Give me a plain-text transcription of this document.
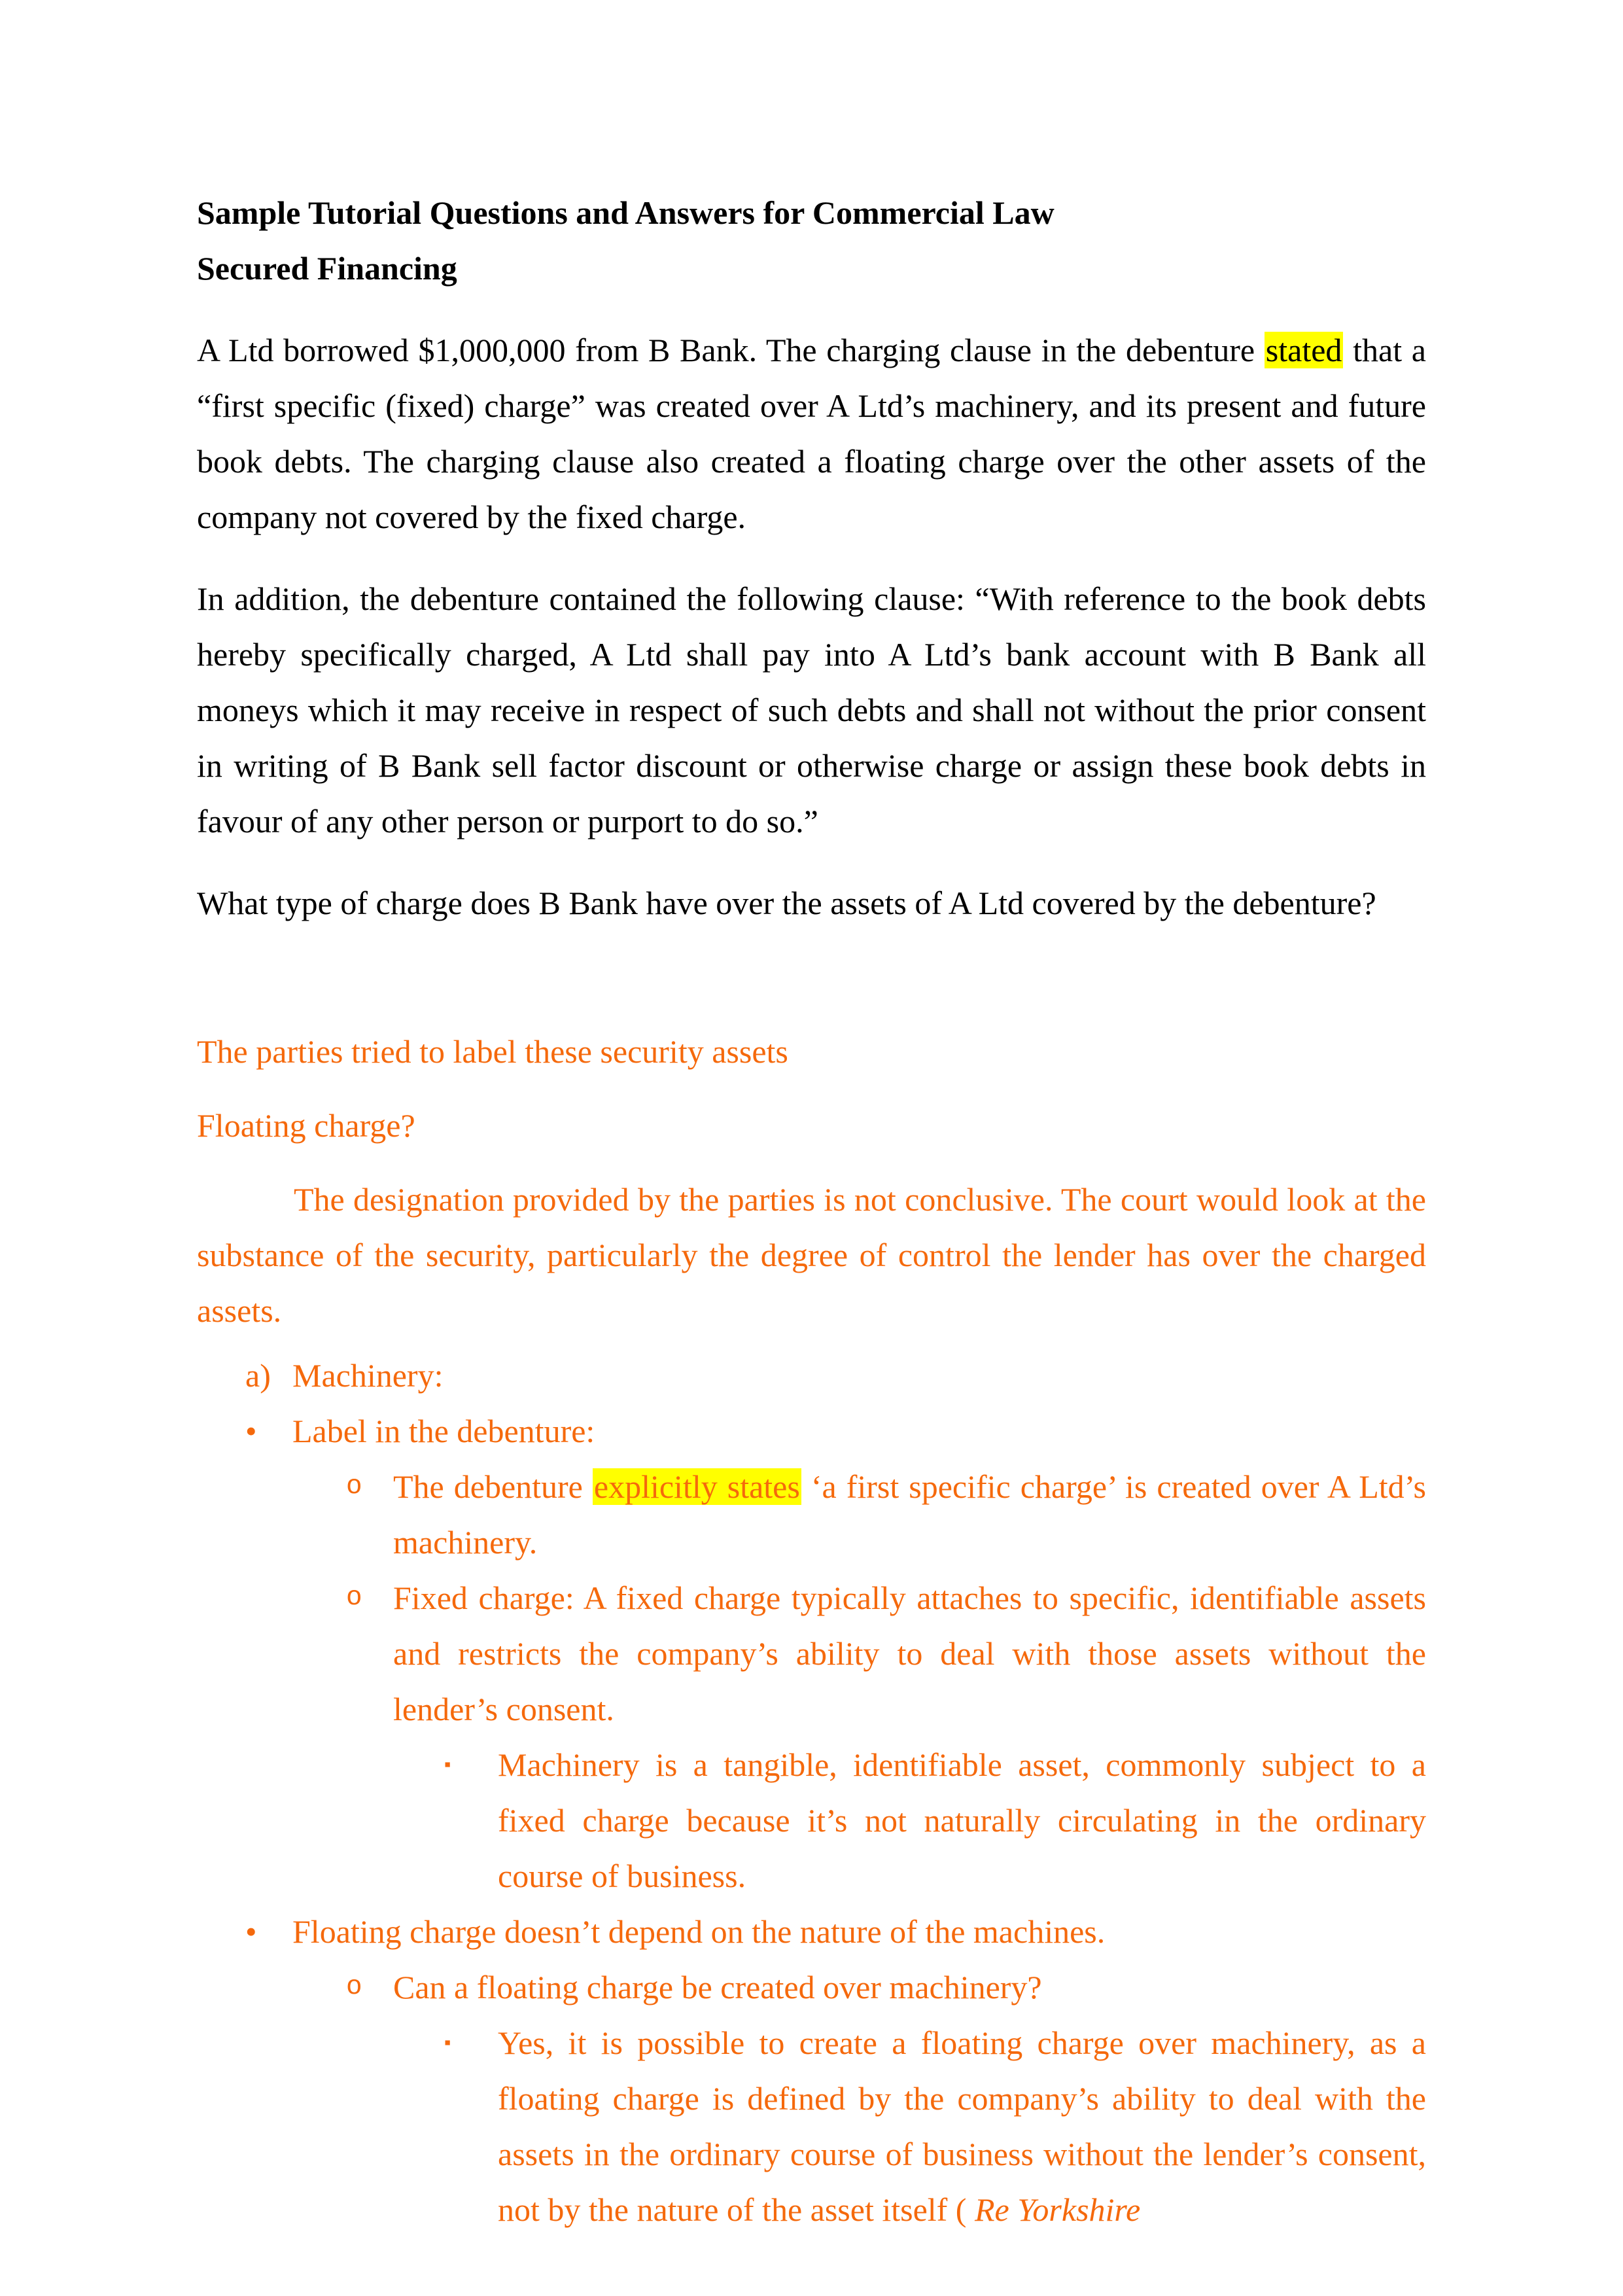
Sample Tutorial Questions and Answers for Commercial Law
Secured Financing

A Ltd borrowed $1,000,000 from B Bank. The charging clause in the debenture stated that a “first specific (fixed) charge” was created over A Ltd’s machinery, and its present and future book debts. The charging clause also created a floating charge over the other assets of the company not covered by the fixed charge.

In addition, the debenture contained the following clause: “With reference to the book debts hereby specifically charged, A Ltd shall pay into A Ltd’s bank account with B Bank all moneys which it may receive in respect of such debts and shall not without the prior consent in writing of B Bank sell factor discount or otherwise charge or assign these book debts in favour of any other person or purport to do so.”

What type of charge does B Bank have over the assets of A Ltd covered by the debenture?

The parties tried to label these security assets

Floating charge?

The designation provided by the parties is not conclusive. The court would look at the substance of the security, particularly the degree of control the lender has over the charged assets.

a) Machinery:
•	Label in the debenture:
o The debenture explicitly states ‘a first specific charge’ is created over A Ltd’s machinery.
o Fixed charge: A fixed charge typically attaches to specific, identifiable assets and restricts the company’s ability to deal with those assets without the lender’s consent.
▪	Machinery is a tangible, identifiable asset, commonly subject to a fixed charge because it’s not naturally circulating in the ordinary course of business.
•	Floating charge doesn’t depend on the nature of the machines.
o Can a floating charge be created over machinery?
▪	Yes, it is possible to create a floating charge over machinery, as a floating charge is defined by the company’s ability to deal with the assets in the ordinary course of business without the lender’s consent, not by the nature of the asset itself ( Re Yorkshire
